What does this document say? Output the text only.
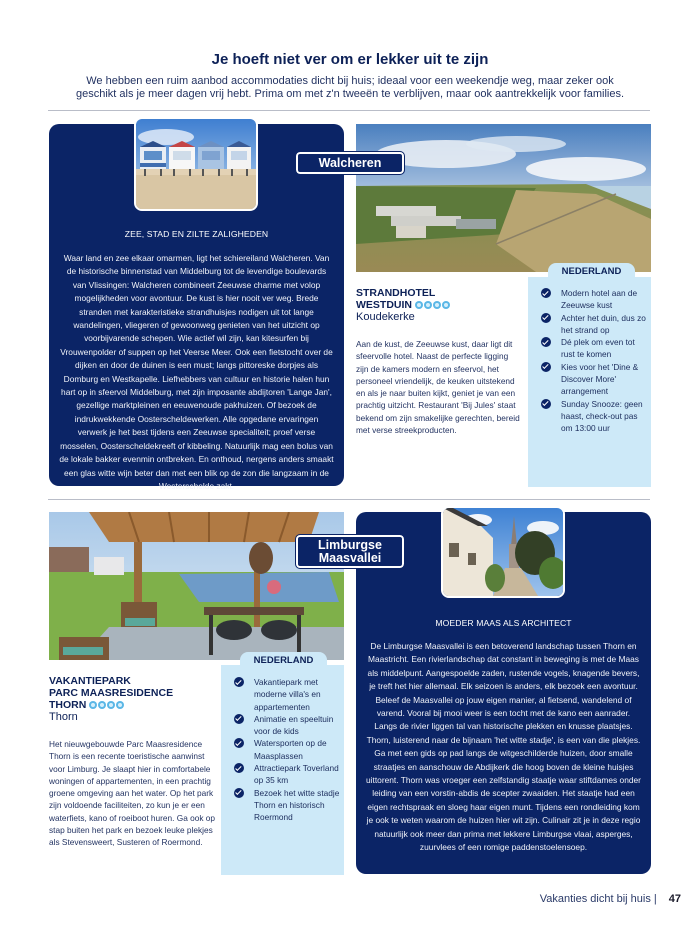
Je hoeft niet ver om er lekker uit te zijn
We hebben een ruim aanbod accommodaties dicht bij huis; ideaal voor een weekendje weg, maar zeker ook
geschikt als je meer dagen vrij hebt. Prima om met z'n tweeën te verblijven, maar ook aantrekkelijk voor families.
ZEE, STAD EN ZILTE ZALIGHEDEN
Waar land en zee elkaar omarmen, ligt het schiereiland Walcheren. Van de historische binnenstad van Middelburg tot de levendige boulevards van Vlissingen: Walcheren combineert Zeeuwse charme met volop mogelijkheden voor avontuur. De kust is hier nooit ver weg. Brede stranden met karakteristieke strandhuisjes nodigen uit tot lange wandelingen, vliegeren of gewoonweg genieten van het uitzicht op voorbijvarende schepen. Wie actief wil zijn, kan kitesurfen bij Vrouwenpolder of suppen op het Veerse Meer. Ook een fietstocht over de dijken en door de duinen is een must; langs pittoreske dorpjes als Domburg en Westkapelle. Liefhebbers van cultuur en historie halen hun hart op in sfeervol Middelburg, met zijn imposante abdijtoren 'Lange Jan', gezellige marktpleinen en eeuwenoude pakhuizen. Of bezoek de indrukwekkende Oosterscheldewerken. Alle opgedane ervaringen verwerk je het best tijdens een Zeeuwse specialiteit; proef verse mosselen, Oosterscheldekreeft of kibbeling. Natuurlijk mag een bolus van de lokale bakker evenmin ontbreken. En onthoud, nergens anders smaakt een glas witte wijn beter dan met een blik op de zon die langzaam in de Westerschelde zakt.
Walcheren
STRANDHOTEL
WESTDUIN
Koudekerke
Aan de kust, de Zeeuwse kust, daar ligt dit sfeervolle hotel. Naast de perfecte ligging zijn de kamers modern en sfeervol, het personeel vriendelijk, de keuken uitstekend en als je naar buiten kijkt, geniet je van een prachtig uitzicht. Restaurant 'Bij Jules' staat bekend om zijn smakelijke gerechten, bereid met verse streekproducten.
NEDERLAND
Modern hotel aan de Zeeuwse kust
Achter het duin, dus zo het strand op
Dé plek om even tot rust te komen
Kies voor het 'Dine & Discover More' arrangement
Sunday Snooze: geen haast, check-out pas om 13:00 uur
MOEDER MAAS ALS ARCHITECT
De Limburgse Maasvallei is een betoverend landschap tussen Thorn en Maastricht. Een rivierlandschap dat constant in beweging is met de Maas als middelpunt. Aangespoelde zaden, rustende vogels, knagende bevers, je treft het hier allemaal. Elk seizoen is anders, elk bezoek een avontuur. Beleef de Maasvallei op jouw eigen manier, al fietsend, wandelend of varend. Vooral bij mooi weer is een tocht met de kano een aanrader. Langs de rivier liggen tal van historische plekken en knusse plaatsjes. Thorn, luisterend naar de bijnaam 'het witte stadje', is een van die plekjes. Ga met een gids op pad langs de witgeschilderde huizen, door smalle straatjes en aanschouw de Abdijkerk die hoog boven de kleine huisjes uittorent. Thorn was vroeger een zelfstandig staatje waar stiftdames onder leiding van een vorstin-abdis de scepter zwaaiden. Het staatje had een eigen rechtspraak en sloeg haar eigen munt. Tijdens een rondleiding kom je ook te weten waarom de huizen hier wit zijn. Culinair zit je in deze regio natuurlijk ook meer dan prima met lekkere Limburgse vlaai, asperges, zuurvlees of een romige paddenstoelensoep.
Limburgse
Maasvallei
VAKANTIEPARK
PARC MAASRESIDENCE
THORN
Thorn
Het nieuwgebouwde Parc Maasresidence Thorn is een recente toeristische aanwinst voor Limburg. Je slaapt hier in comfortabele woningen of appartementen, in een prachtig groene omgeving aan het water. Op het park zijn voldoende faciliteiten, zo kun je er een waterfiets, kano of roeiboot huren. Ga ook op stap buiten het park en bezoek leuke plekjes als Stevensweert, Susteren of Roermond.
NEDERLAND
Vakantiepark met moderne villa's en appartementen
Animatie en speeltuin voor de kids
Watersporten op de Maasplassen
Attractiepark Toverland op 35 km
Bezoek het witte stadje Thorn en historisch Roermond
Vakanties dicht bij huis | 47
